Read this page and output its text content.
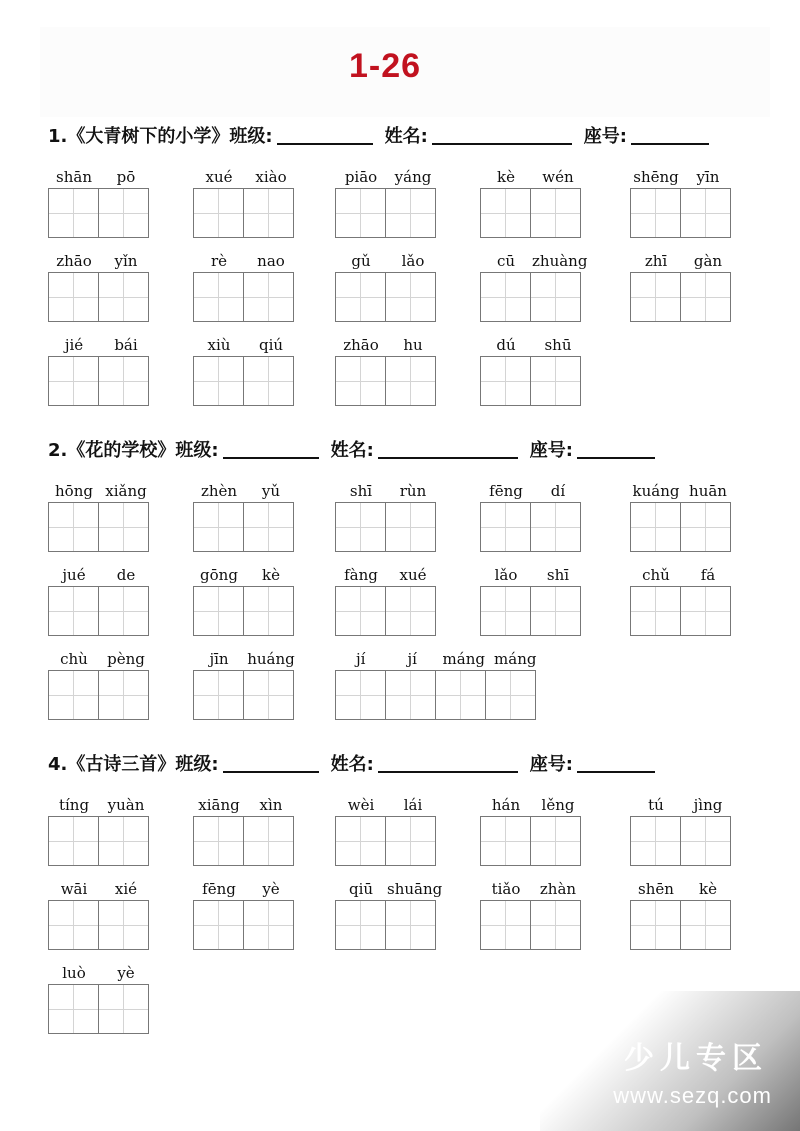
1-26
1.《大青树下的小学》 班级:	姓名:	座号:
shān	pō	xué	xiào	piāo	yáng	kè	wén	shēng	yīn
zhāo	yǐn	rè	nao	gǔ	lǎo	cū	zhuàng	zhī	gàn
jié	bái	xiù	qiú	zhāo	hu	dú	shū
2.《花的学校》 班级:	姓名:	座号:
hōng xiǎng	zhèn	yǔ	shī	rùn	fēng	dí	kuáng huān
jué	de	gōng	kè	fàng	xué	lǎo	shī	chǔ	fá
chù	pèng	jīn	huáng	jí	jí	máng máng
4.《古诗三首》 班级:	姓名:	座号:
tíng	yuàn	xiāng	xìn	wèi	lái	hán	lěng	tú	jìng
wāi	xié	fēng	yè	qiū shuāng	tiǎo	zhàn	shēn	kè
luò	yè
少儿专区
www.sezq.com
